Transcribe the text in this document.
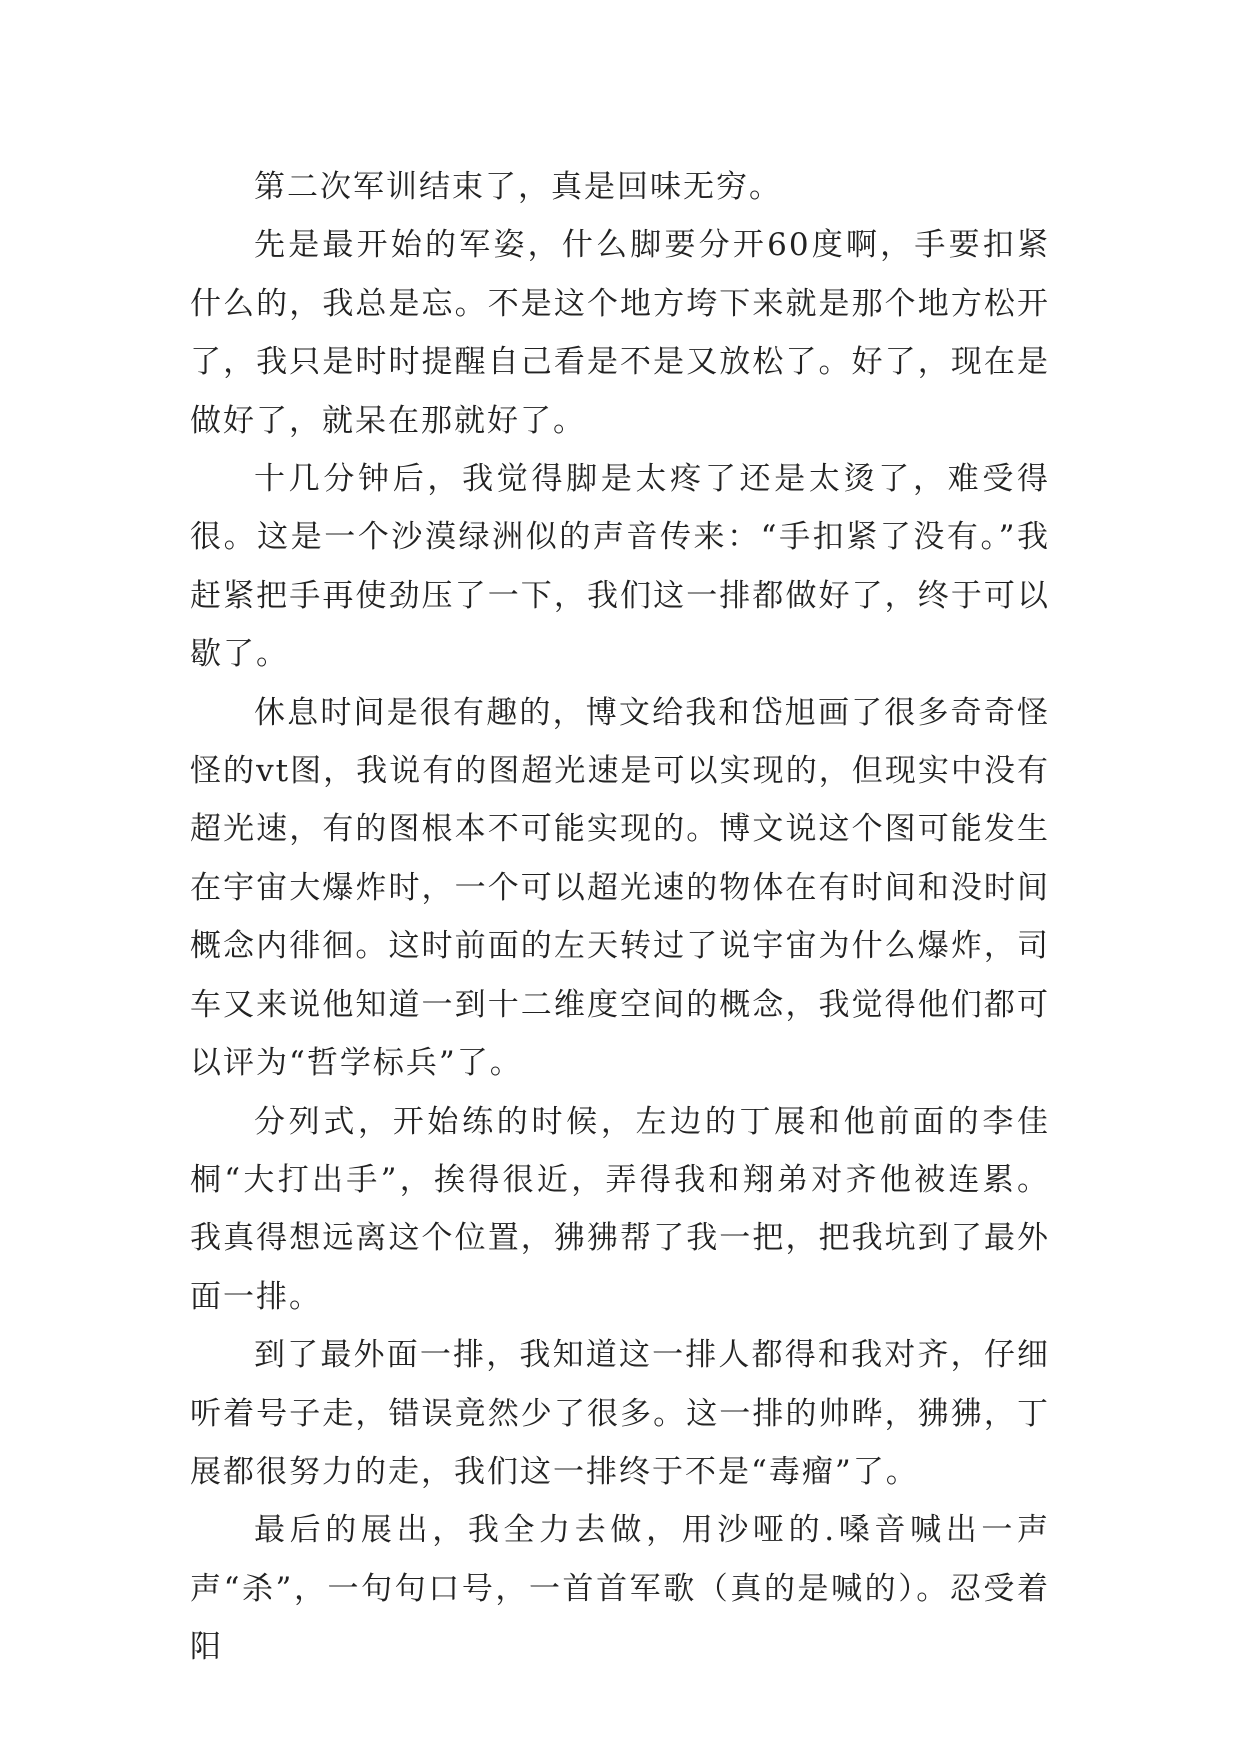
第二次军训结束了，真是回味无穷。

先是最开始的军姿，什么脚要分开60度啊，手要扣紧什么的，我总是忘。不是这个地方垮下来就是那个地方松开了，我只是时时提醒自己看是不是又放松了。好了，现在是做好了，就呆在那就好了。

十几分钟后，我觉得脚是太疼了还是太烫了，难受得很。这是一个沙漠绿洲似的声音传来：“手扣紧了没有。”我赶紧把手再使劲压了一下，我们这一排都做好了，终于可以歇了。

休息时间是很有趣的，博文给我和岱旭画了很多奇奇怪怪的vt图，我说有的图超光速是可以实现的，但现实中没有超光速，有的图根本不可能实现的。博文说这个图可能发生在宇宙大爆炸时，一个可以超光速的物体在有时间和没时间概念内徘徊。这时前面的左天转过了说宇宙为什么爆炸，司车又来说他知道一到十二维度空间的概念，我觉得他们都可以评为“哲学标兵”了。

分列式，开始练的时候，左边的丁展和他前面的李佳桐“大打出手”，挨得很近，弄得我和翔弟对齐他被连累。我真得想远离这个位置，狒狒帮了我一把，把我坑到了最外面一排。

到了最外面一排，我知道这一排人都得和我对齐，仔细听着号子走，错误竟然少了很多。这一排的帅晔，狒狒，丁展都很努力的走，我们这一排终于不是“毒瘤”了。

最后的展出，我全力去做，用沙哑的.嗓音喊出一声声“杀”，一句句口号，一首首军歌（真的是喊的）。忍受着阳
